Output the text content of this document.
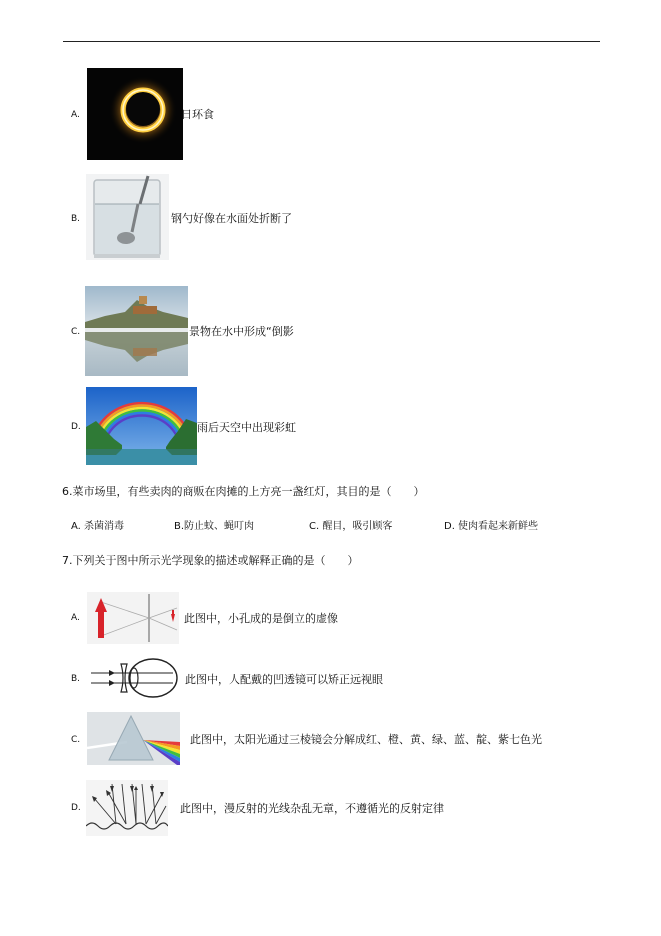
A.	日环食
B.	钢勺好像在水面处折断了
C.	景物在水中形成“倒影
D.	雨后天空中出现彩虹
6.菜市场里，有些卖肉的商贩在肉摊的上方亮一盏红灯，其目的是（　　）
A. 杀菌消毒	B.防止蚊、蝇叮肉	C. 醒目，吸引顾客	D. 使肉看起来新鲜些
7.下列关于图中所示光学现象的描述或解释正确的是（　　）
A.	此图中，小孔成的是倒立的虚像
B.	此图中，人配戴的凹透镜可以矫正远视眼
C.	此图中，太阳光通过三棱镜会分解成红、橙、黄、绿、蓝、靛、紫七色光
D.	此图中，漫反射的光线杂乱无章，不遵循光的反射定律
